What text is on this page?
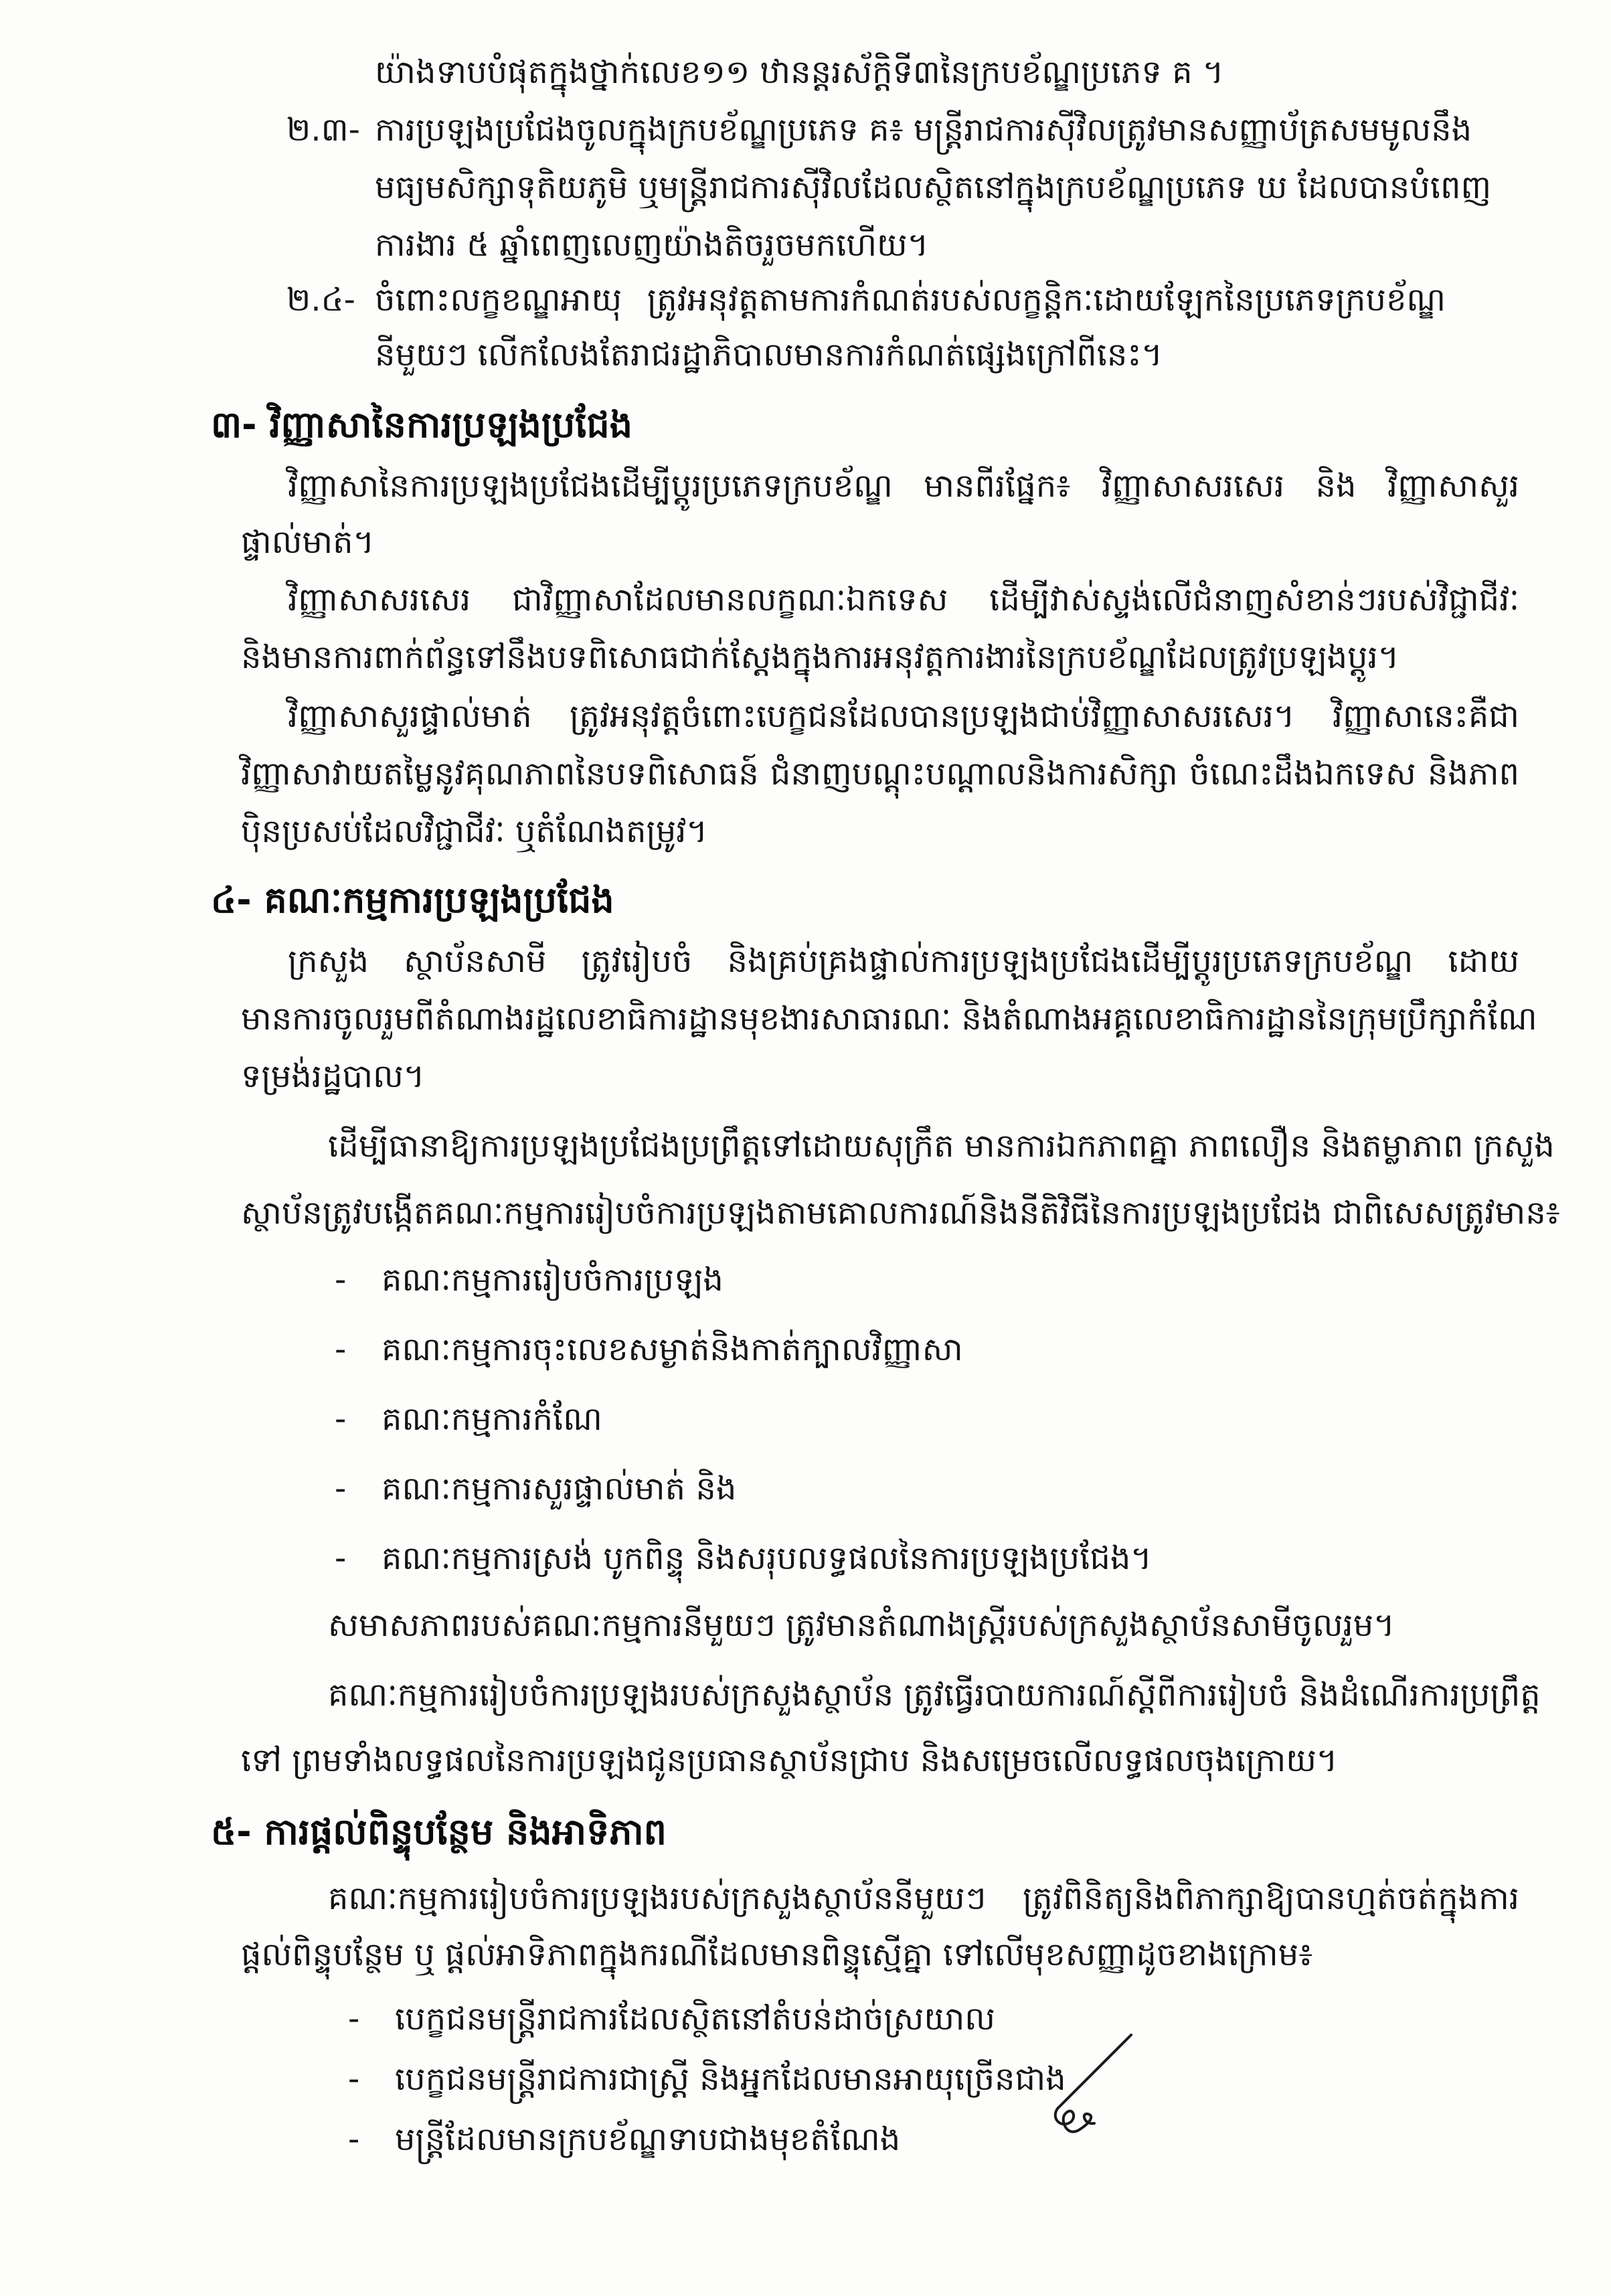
យ៉ាងទាបបំផុតក្នុងថ្នាក់លេខ១១ ឋានន្តរស័ក្តិទី៣នៃក្របខ័ណ្ឌប្រភេទ គ ។
២.៣- ការប្រឡងប្រជែងចូលក្នុងក្របខ័ណ្ឌប្រភេទ គ៖ មន្ត្រីរាជការស៊ីវិលត្រូវមានសញ្ញាប័ត្រសមមូលនឹង
មធ្យមសិក្សាទុតិយភូមិ ឬមន្ត្រីរាជការស៊ីវិលដែលស្ថិតនៅក្នុងក្របខ័ណ្ឌប្រភេទ ឃ ដែលបានបំពេញ
ការងារ ៥ ឆ្នាំពេញលេញយ៉ាងតិចរួចមកហើយ។
២.៤- ចំពោះលក្ខខណ្ឌអាយុ ត្រូវអនុវត្តតាមការកំណត់របស់លក្ខន្តិកៈដោយឡែកនៃប្រភេទក្របខ័ណ្ឌ
នីមួយៗ លើកលែងតែរាជរដ្ឋាភិបាលមានការកំណត់ផ្សេងក្រៅពីនេះ។
៣- វិញ្ញាសានៃការប្រឡងប្រជែង
វិញ្ញាសានៃការប្រឡងប្រជែងដើម្បីប្តូរប្រភេទក្របខ័ណ្ឌ មានពីរផ្នែក៖ វិញ្ញាសាសរសេរ និង វិញ្ញាសាសួរ
ផ្ទាល់មាត់។
វិញ្ញាសាសរសេរ ជាវិញ្ញាសាដែលមានលក្ខណៈឯកទេស ដើម្បីវាស់ស្ទង់លើជំនាញសំខាន់ៗរបស់វិជ្ជាជីវៈ
និងមានការពាក់ព័ន្ធទៅនឹងបទពិសោធជាក់ស្តែងក្នុងការអនុវត្តការងារនៃក្របខ័ណ្ឌដែលត្រូវប្រឡងប្តូរ។
វិញ្ញាសាសួរផ្ទាល់មាត់ ត្រូវអនុវត្តចំពោះបេក្ខជនដែលបានប្រឡងជាប់វិញ្ញាសាសរសេរ។ វិញ្ញាសានេះគឺជា
វិញ្ញាសាវាយតម្លៃនូវគុណភាពនៃបទពិសោធន៍ ជំនាញបណ្តុះបណ្តាលនិងការសិក្សា ចំណេះដឹងឯកទេស និងភាព
ប៉ិនប្រសប់ដែលវិជ្ជាជីវៈ ឬតំណែងតម្រូវ។
៤- គណៈកម្មការប្រឡងប្រជែង
ក្រសួង ស្ថាប័នសាមី ត្រូវរៀបចំ និងគ្រប់គ្រងផ្ទាល់ការប្រឡងប្រជែងដើម្បីប្តូរប្រភេទក្របខ័ណ្ឌ ដោយ
មានការចូលរួមពីតំណាងរដ្ឋលេខាធិការដ្ឋានមុខងារសាធារណៈ និងតំណាងអគ្គលេខាធិការដ្ឋាននៃក្រុមប្រឹក្សាកំណែ
ទម្រង់រដ្ឋបាល។
ដើម្បីធានាឱ្យការប្រឡងប្រជែងប្រព្រឹត្តទៅដោយសុក្រឹត មានការឯកភាពគ្នា ភាពលឿន និងតម្លាភាព ក្រសួង
ស្ថាប័នត្រូវបង្កើតគណៈកម្មការរៀបចំការប្រឡងតាមគោលការណ៍និងនីតិវិធីនៃការប្រឡងប្រជែង ជាពិសេសត្រូវមាន៖
- គណៈកម្មការរៀបចំការប្រឡង
- គណៈកម្មការចុះលេខសម្ងាត់និងកាត់ក្បាលវិញ្ញាសា
- គណៈកម្មការកំណែ
- គណៈកម្មការសួរផ្ទាល់មាត់ និង
- គណៈកម្មការស្រង់ បូកពិន្ទុ និងសរុបលទ្ធផលនៃការប្រឡងប្រជែង។
សមាសភាពរបស់គណៈកម្មការនីមួយៗ ត្រូវមានតំណាងស្ត្រីរបស់ក្រសួងស្ថាប័នសាមីចូលរួម។
គណៈកម្មការរៀបចំការប្រឡងរបស់ក្រសួងស្ថាប័ន ត្រូវធ្វើរបាយការណ៍ស្តីពីការរៀបចំ និងដំណើរការប្រព្រឹត្ត
ទៅ ព្រមទាំងលទ្ធផលនៃការប្រឡងជូនប្រធានស្ថាប័នជ្រាប និងសម្រេចលើលទ្ធផលចុងក្រោយ។
៥- ការផ្តល់ពិន្ទុបន្ថែម និងអាទិភាព
គណៈកម្មការរៀបចំការប្រឡងរបស់ក្រសួងស្ថាប័ននីមួយៗ ត្រូវពិនិត្យនិងពិភាក្សាឱ្យបានហ្មត់ចត់ក្នុងការ
ផ្តល់ពិន្ទុបន្ថែម ឬ ផ្តល់អាទិភាពក្នុងករណីដែលមានពិន្ទុស្មើគ្នា ទៅលើមុខសញ្ញាដូចខាងក្រោម៖
- បេក្ខជនមន្ត្រីរាជការដែលស្ថិតនៅតំបន់ដាច់ស្រយាល
- បេក្ខជនមន្ត្រីរាជការជាស្ត្រី និងអ្នកដែលមានអាយុច្រើនជាង
- មន្ត្រីដែលមានក្របខ័ណ្ឌទាបជាងមុខតំណែង
